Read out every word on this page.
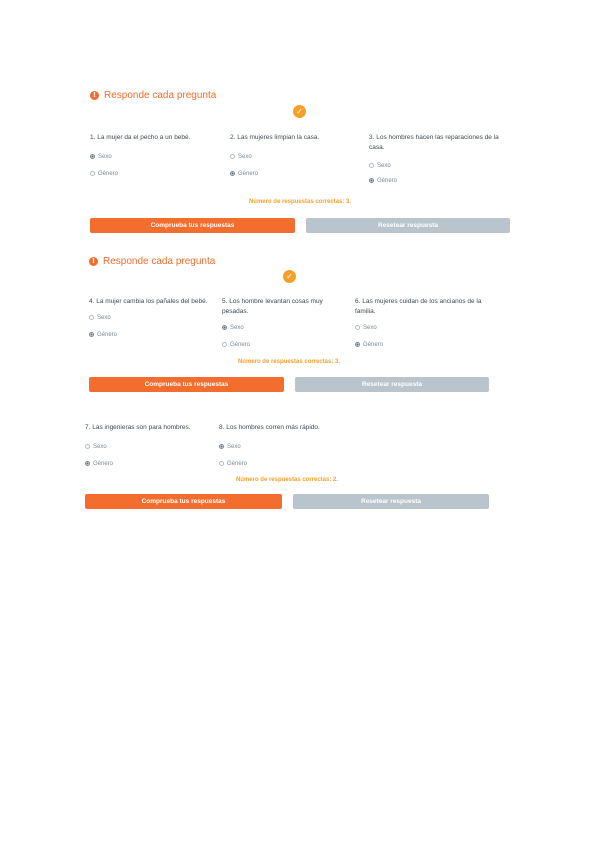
! Responde cada pregunta
✓
1. La mujer da el pecho a un bebé.
Sexo
Género
2. Las mujeres limpian la casa.
Sexo
Género
3. Los hombres hacen las reparaciones de la casa.
Sexo
Género
Número de respuestas correctas: 3.
Comprueba tus respuestas	Resetear respuesta
! Responde cada pregunta
✓
4. La mujer cambia los pañales del bebé.
Sexo
Género
5. Los hombre levantan cosas muy pesadas.
Sexo
Género
6. Las mujeres cuidan de los ancianos de la familia.
Sexo
Género
Número de respuestas correctas: 3.
Comprueba tus respuestas	Resetear respuesta
7. Las ingenieras son para hombres.
Sexo
Género
8. Los hombres corren más rápido.
Sexo
Género
Número de respuestas correctas: 2.
Comprueba tus respuestas	Resetear respuesta
